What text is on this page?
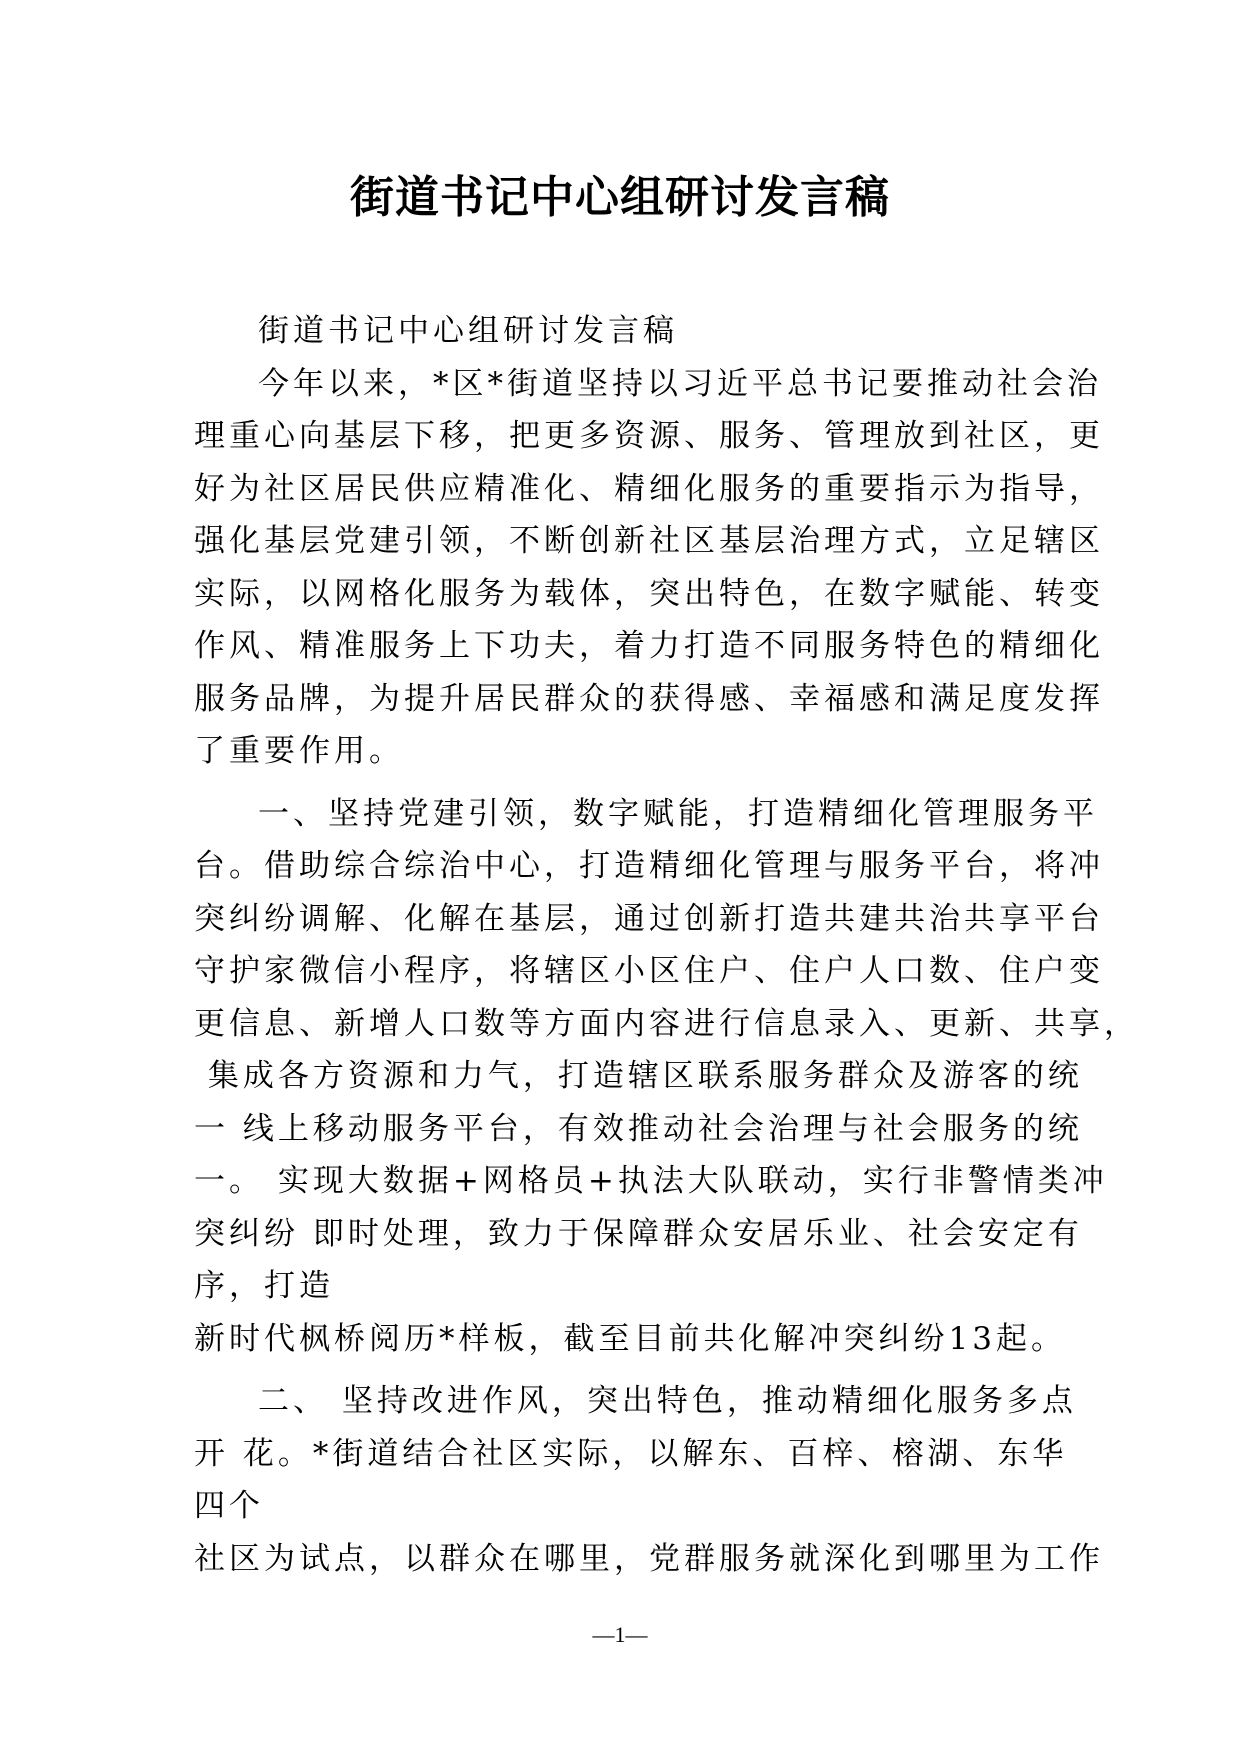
街道书记中心组研讨发言稿
街道书记中心组研讨发言稿
今年以来，*区*街道坚持以习近平总书记要推动社会治
理重心向基层下移，把更多资源、服务、管理放到社区，更
好为社区居民供应精准化、精细化服务的重要指示为指导，
强化基层党建引领，不断创新社区基层治理方式，立足辖区
实际，以网格化服务为载体，突出特色，在数字赋能、转变
作风、精准服务上下功夫，着力打造不同服务特色的精细化
服务品牌，为提升居民群众的获得感、幸福感和满足度发挥
了重要作用。
一、坚持党建引领，数字赋能，打造精细化管理服务平
台。借助综合综治中心，打造精细化管理与服务平台，将冲
突纠纷调解、化解在基层，通过创新打造共建共治共享平台
守护家微信小程序，将辖区小区住户、住户人口数、住户变
更信息、新增人口数等方面内容进行信息录入、更新、共享，
集成各方资源和力气，打造辖区联系服务群众及游客的统
一 线上移动服务平台，有效推动社会治理与社会服务的统
一。 实现大数据+网格员+执法大队联动，实行非警情类冲
突纠纷 即时处理，致力于保障群众安居乐业、社会安定有
序，打造
新时代枫桥阅历*样板，截至目前共化解冲突纠纷13起。
二、 坚持改进作风，突出特色，推动精细化服务多点
开 花。*街道结合社区实际，以解东、百梓、榕湖、东华
四个
社区为试点，以群众在哪里，党群服务就深化到哪里为工作
—1—
